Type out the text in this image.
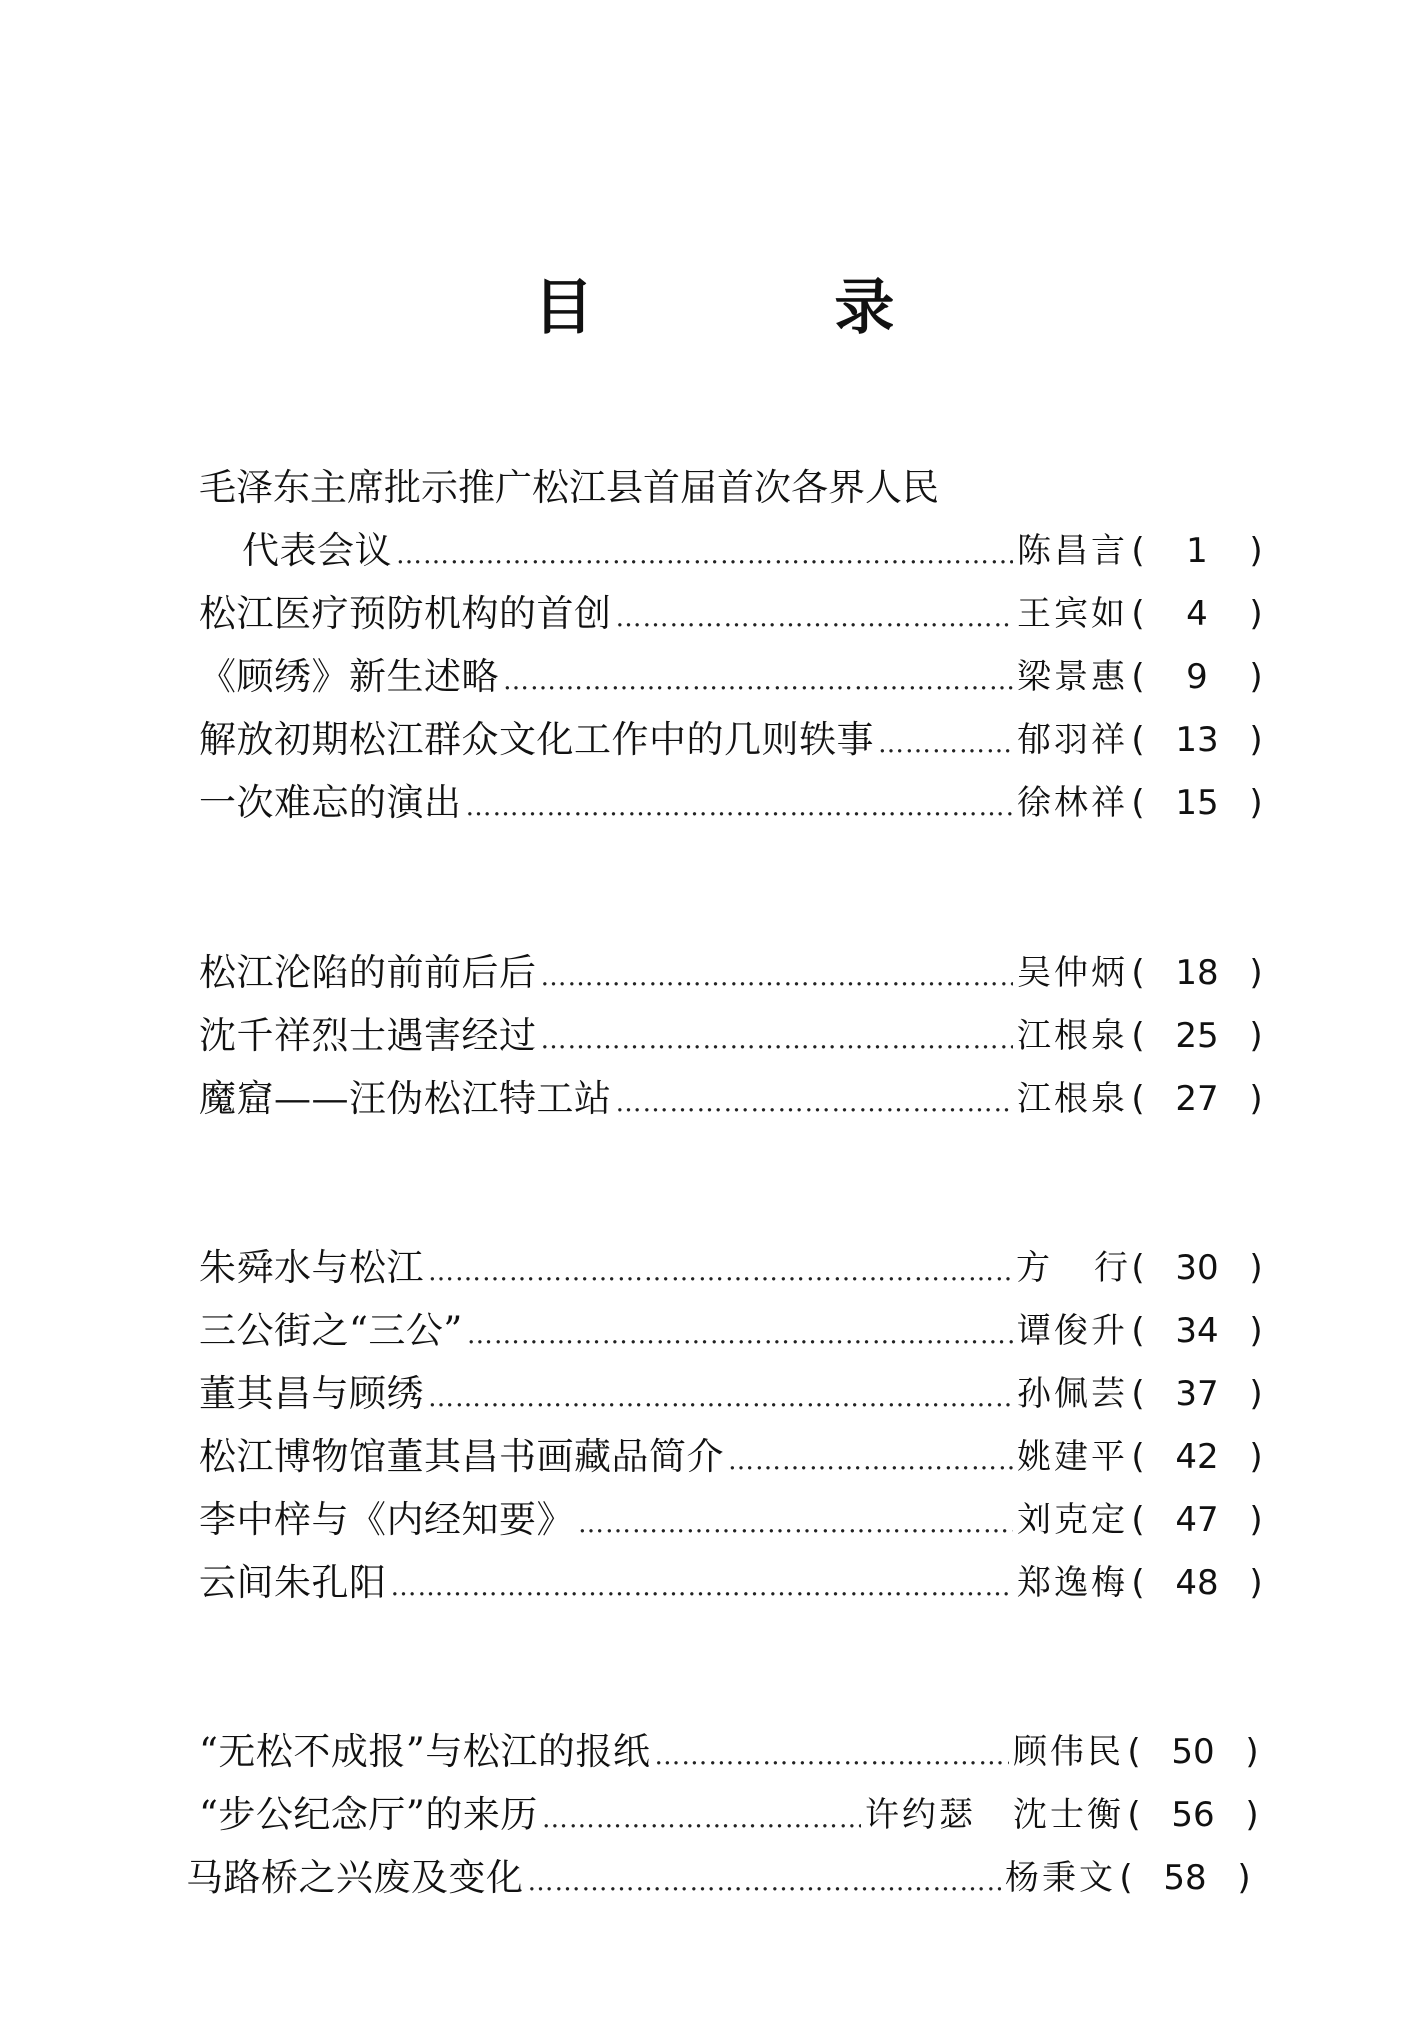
目 录
毛泽东主席批示推广松江县首届首次各界人民
代表会议 ……………………………………………………………………………………………………………………………………………………………………	陈昌言 (	1	)
松江医疗预防机构的首创 ……………………………………………………………………………………………………………………………………………………………………	王宾如 (	4	)
《顾绣》新生述略 ……………………………………………………………………………………………………………………………………………………………………	梁景惠 (	9	)
解放初期松江群众文化工作中的几则轶事 ……………………………………………………………………………………………………………………………………………………………………	郁羽祥 ( 13 )
一次难忘的演出 ……………………………………………………………………………………………………………………………………………………………………	徐林祥 ( 15 )
松江沦陷的前前后后 ……………………………………………………………………………………………………………………………………………………………………	吴仲炳 ( 18 )
沈千祥烈士遇害经过 ……………………………………………………………………………………………………………………………………………………………………	江根泉 ( 25 )
魔窟——汪伪松江特工站 ……………………………………………………………………………………………………………………………………………………………………	江根泉 ( 27 )
朱舜水与松江 ……………………………………………………………………………………………………………………………………………………………………	方 行 ( 30 )
三公街之“三公” ……………………………………………………………………………………………………………………………………………………………………	谭俊升 ( 34 )
董其昌与顾绣 ……………………………………………………………………………………………………………………………………………………………………	孙佩芸 ( 37 )
松江博物馆董其昌书画藏品简介 ……………………………………………………………………………………………………………………………………………………………………	姚建平 ( 42 )
李中梓与《内经知要》 ……………………………………………………………………………………………………………………………………………………………………	刘克定 ( 47 )
云间朱孔阳 ……………………………………………………………………………………………………………………………………………………………………	郑逸梅 ( 48 )
“无松不成报”与松江的报纸 ……………………………………………………………………………………………………………………………………………………………………	顾伟民 ( 50 )
“步公纪念厅”的来历 ……………………………………………………………………………………………………………………………………………………………………	许约瑟　沈士衡 ( 56 )
马路桥之兴废及变化 ……………………………………………………………………………………………………………………………………………………………………	杨秉文 ( 58 )
